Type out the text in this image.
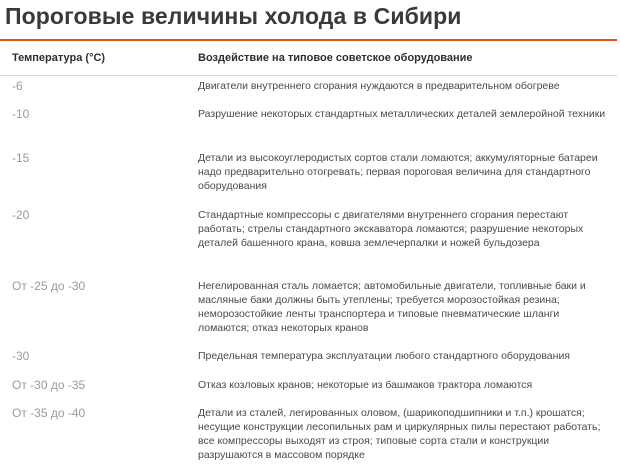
Пороговые величины холода в Сибири
Температура (°С)	Воздействие на типовое советское оборудование
-6	Двигатели внутреннего сгорания нуждаются в предварительном обогреве
-10	Разрушение некоторых стандартных металлических деталей землеройной техники
-15	Детали из высокоуглеродистых сортов стали ломаются; аккумуляторные батареи надо предварительно отогревать; первая пороговая величина для стандартного оборудования
-20	Стандартные компрессоры с двигателями внутреннего сгорания перестают работать; стрелы стандартного экскаватора ломаются; разрушение некоторых деталей башенного крана, ковша землечерпалки и ножей бульдозера
От -25 до -30	Негелированная сталь ломается; автомобильные двигатели, топливные баки и масляные баки должны быть утеплены; требуется морозостойкая резина; неморозостойкие ленты транспортера и типовые пневматические шланги ломаются; отказ некоторых кранов
-30	Предельная температура эксплуатации любого стандартного оборудования
От -30 до -35	Отказ козловых кранов; некоторые из башмаков трактора ломаются
От -35 до -40	Детали из сталей, легированных оловом, (шарикоподшипники и т.п.) крошатся; несущие конструкции лесопильных рам и циркулярных пилы перестают работать; все компрессоры выходят из строя; типовые сорта стали и конструкции разрушаются в массовом порядке
